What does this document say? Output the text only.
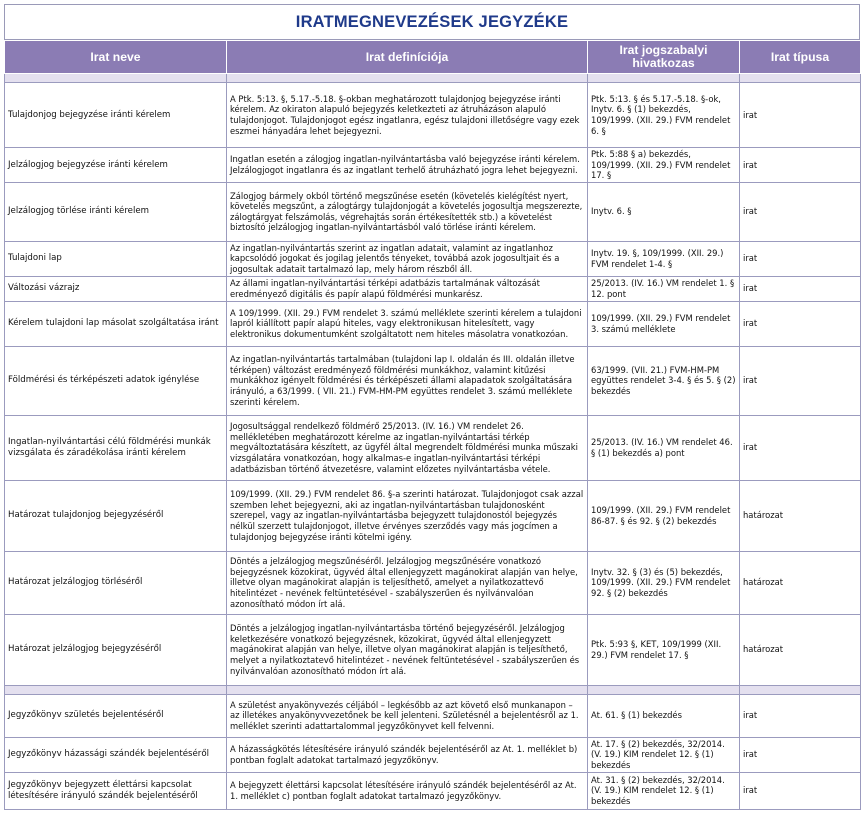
IRATMEGNEVEZÉSEK JEGYZÉKE
Irat neve	Irat definíciója	Irat jogszabalyi hivatkozas	Irat típusa

Tulajdonjog bejegyzése iránti kérelem	A Ptk. 5:13. §, 5.17.-5.18. §-okban meghatározott tulajdonjog bejegyzése iránti kérelem. Az okiraton alapuló bejegyzés keletkezteti az átruházáson alapuló tulajdonjogot. Tulajdonjogot egész ingatlanra, egész tulajdoni illetőségre vagy ezek eszmei hányadára lehet bejegyezni.	Ptk. 5:13. § és 5.17.-5.18. §-ok, Inytv. 6. § (1) bekezdés, 109/1999. (XII. 29.) FVM rendelet 6. §	irat
Jelzálogjog bejegyzése iránti kérelem	Ingatlan esetén a zálogjog ingatlan-nyilvántartásba való bejegyzése iránti kérelem. Jelzálogjogot ingatlanra és az ingatlant terhelő átruházható jogra lehet bejegyezni.	Ptk. 5:88 § a) bekezdés, 109/1999. (XII. 29.) FVM rendelet 17. §	irat
Jelzálogjog törlése iránti kérelem	Zálogjog bármely okból történő megszűnése esetén (követelés kielégítést nyert, követelés megszűnt, a zálogtárgy tulajdonjogát a követelés jogosultja megszerezte, zálogtárgyat felszámolás, végrehajtás során értékesítették stb.) a követelést biztosító jelzálogjog ingatlan-nyilvántartásból való törlése iránti kérelem.	Inytv. 6. §	irat
Tulajdoni lap	Az ingatlan-nyilvántartás szerint az ingatlan adatait, valamint az ingatlanhoz kapcsolódó jogokat és jogilag jelentős tényeket, továbbá azok jogosultjait és a jogosultak adatait tartalmazó lap, mely három részből áll.	Inytv. 19. §, 109/1999. (XII. 29.) FVM rendelet 1-4. §	irat
Változási vázrajz	Az állami ingatlan-nyilvántartási térképi adatbázis tartalmának változását eredményező digitális és papír alapú földmérési munkarész.	25/2013. (IV. 16.) VM rendelet 1. § 12. pont	irat
Kérelem tulajdoni lap másolat szolgáltatása iránt	A 109/1999. (XII. 29.) FVM rendelet 3. számú melléklete szerinti kérelem a tulajdoni lapról kiállított papír alapú hiteles, vagy elektronikusan hitelesített, vagy elektronikus dokumentumként szolgáltatott nem hiteles másolatra vonatkozóan.	109/1999. (XII. 29.) FVM rendelet 3. számú melléklete	irat
Földmérési és térképészeti adatok igénylése	Az ingatlan-nyilvántartás tartalmában (tulajdoni lap I. oldalán és III. oldalán illetve térképen) változást eredményező földmérési munkákhoz, valamint kitűzési munkákhoz igényelt földmérési és térképészeti állami alapadatok szolgáltatására irányuló, a 63/1999. ( VII. 21.) FVM-HM-PM együttes rendelet 3. számú melléklete szerinti kérelem.	63/1999. (VII. 21.) FVM-HM-PM együttes rendelet 3-4. § és 5. § (2) bekezdés	irat
Ingatlan-nyilvántartási célú földmérési munkák vizsgálata és záradékolása iránti kérelem	Jogosultsággal rendelkező földmérő 25/2013. (IV. 16.) VM rendelet 26. mellékletében meghatározott kérelme az ingatlan-nyilvántartási térkép megváltoztatására készített, az ügyfél által megrendelt földmérési munka műszaki vizsgálatára vonatkozóan, hogy alkalmas-e ingatlan-nyilvántartási térképi adatbázisban történő átvezetésre, valamint előzetes nyilvántartásba vétele.	25/2013. (IV. 16.) VM rendelet 46. § (1) bekezdés a) pont	irat
Határozat tulajdonjog bejegyzéséről	109/1999. (XII. 29.) FVM rendelet 86. §-a szerinti határozat. Tulajdonjogot csak azzal szemben lehet bejegyezni, aki az ingatlan-nyilvántartásban tulajdonosként szerepel, vagy az ingatlan-nyilvántartásba bejegyzett tulajdonostól bejegyzés nélkül szerzett tulajdonjogot, illetve érvényes szerződés vagy más jogcímen a tulajdonjog bejegyzése iránti kötelmi igény.	109/1999. (XII. 29.) FVM rendelet 86-87. § és 92. § (2) bekezdés	határozat
Határozat jelzálogjog törléséről	Döntés a jelzálogjog megszűnéséről. Jelzálogjog megszűnésére vonatkozó bejegyzésnek közokirat, ügyvéd által ellenjegyzett magánokirat alapján van helye, illetve olyan magánokirat alapján is teljesíthető, amelyet a nyilatkozattevő hitelintézet - nevének feltüntetésével - szabályszerűen és nyilvánvalóan azonosítható módon írt alá.	Inytv. 32. § (3) és (5) bekezdés, 109/1999. (XII. 29.) FVM rendelet 92. § (2) bekezdés	határozat
Határozat jelzálogjog bejegyzéséről	Döntés a jelzálogjog ingatlan-nyilvántartásba történő bejegyzéséről. Jelzálogjog keletkezésére vonatkozó bejegyzésnek, közokirat, ügyvéd által ellenjegyzett magánokirat alapján van helye, illetve olyan magánokirat alapján is teljesíthető, melyet a nyilatkoztatevő hitelintézet - nevének feltüntetésével - szabályszerűen és nyilvánvalóan azonosítható módon írt alá.	Ptk. 5:93 §, KET, 109/1999 (XII. 29.) FVM rendelet 17. §	határozat

Jegyzőkönyv születés bejelentéséről	A születést anyakönyvezés céljából – legkésőbb az azt követő első munkanapon – az illetékes anyakönyvvezetőnek be kell jelenteni. Születésnél a bejelentésről az 1. melléklet szerinti adattartalommal jegyzőkönyvet kell felvenni.	At. 61. § (1) bekezdés	irat
Jegyzőkönyv házassági szándék bejelentéséről	A házasságkötés létesítésére irányuló szándék bejelentéséről az At. 1. melléklet b) pontban foglalt adatokat tartalmazó jegyzőkönyv.	At. 17. § (2) bekezdés, 32/2014. (V. 19.) KIM rendelet 12. § (1) bekezdés	irat
Jegyzőkönyv bejegyzett élettársi kapcsolat létesítésére irányuló szándék bejelentéséről	A bejegyzett élettársi kapcsolat létesítésére irányuló szándék bejelentéséről az At. 1. melléklet c) pontban foglalt adatokat tartalmazó jegyzőkönyv.	At. 31. § (2) bekezdés, 32/2014. (V. 19.) KIM rendelet 12. § (1) bekezdés	irat
